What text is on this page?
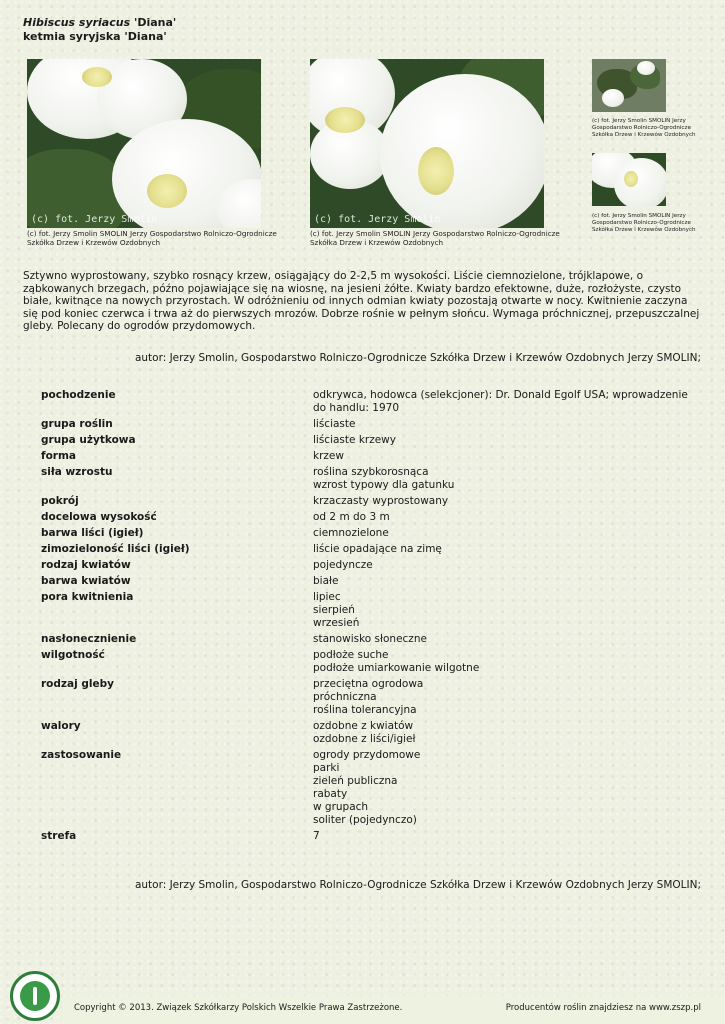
Hibiscus syriacus 'Diana'
ketmia syryjska 'Diana'
(c) fot. Jerzy Smolin
(c) fot. Jerzy Smolin SMOLIN Jerzy Gospodarstwo Rolniczo-Ogrodnicze Szkółka Drzew i Krzewów Ozdobnych
(c) fot. Jerzy Smolin
(c) fot. Jerzy Smolin SMOLIN Jerzy Gospodarstwo Rolniczo-Ogrodnicze Szkółka Drzew i Krzewów Ozdobnych
(c) fot. Jerzy Smolin SMOLIN Jerzy Gospodarstwo Rolniczo-Ogrodnicze Szkółka Drzew i Krzewów Ozdobnych
(c) fot. Jerzy Smolin SMOLIN Jerzy Gospodarstwo Rolniczo-Ogrodnicze Szkółka Drzew i Krzewów Ozdobnych
Sztywno wyprostowany, szybko rosnący krzew, osiągający do 2-2,5 m wysokości. Liście ciemnozielone, trójklapowe, o ząbkowanych brzegach, późno pojawiające się na wiosnę, na jesieni żółte. Kwiaty bardzo efektowne, duże, rozłożyste, czysto białe, kwitnące na nowych przyrostach. W odróżnieniu od innych odmian kwiaty pozostają otwarte w nocy. Kwitnienie zaczyna się pod koniec czerwca i trwa aż do pierwszych mrozów. Dobrze rośnie w pełnym słońcu. Wymaga próchnicznej, przepuszczalnej gleby. Polecany do ogrodów przydomowych.
autor: Jerzy Smolin, Gospodarstwo Rolniczo-Ogrodnicze Szkółka Drzew i Krzewów Ozdobnych Jerzy SMOLIN;
pochodzenie	odkrywca, hodowca (selekcjoner): Dr. Donald Egolf USA; wprowadzenie do handlu: 1970
grupa roślin	liściaste
grupa użytkowa	liściaste krzewy
forma	krzew
siła wzrostu	roślina szybkorosnąca
wzrost typowy dla gatunku
pokrój	krzaczasty wyprostowany
docelowa wysokość	od 2 m do 3 m
barwa liści (igieł)	ciemnozielone
zimozieloność liści (igieł)	liście opadające na zimę
rodzaj kwiatów	pojedyncze
barwa kwiatów	białe
pora kwitnienia	lipiec
sierpień
wrzesień
nasłonecznienie	stanowisko słoneczne
wilgotność	podłoże suche
podłoże umiarkowanie wilgotne
rodzaj gleby	przeciętna ogrodowa
próchniczna
roślina tolerancyjna
walory	ozdobne z kwiatów
ozdobne z liści/igieł
zastosowanie	ogrody przydomowe
parki
zieleń publiczna
rabaty
w grupach
soliter (pojedynczo)
strefa	7
autor: Jerzy Smolin, Gospodarstwo Rolniczo-Ogrodnicze Szkółka Drzew i Krzewów Ozdobnych Jerzy SMOLIN;
Copyright © 2013. Związek Szkółkarzy Polskich Wszelkie Prawa Zastrzeżone.	Producentów roślin znajdziesz na www.zszp.pl
